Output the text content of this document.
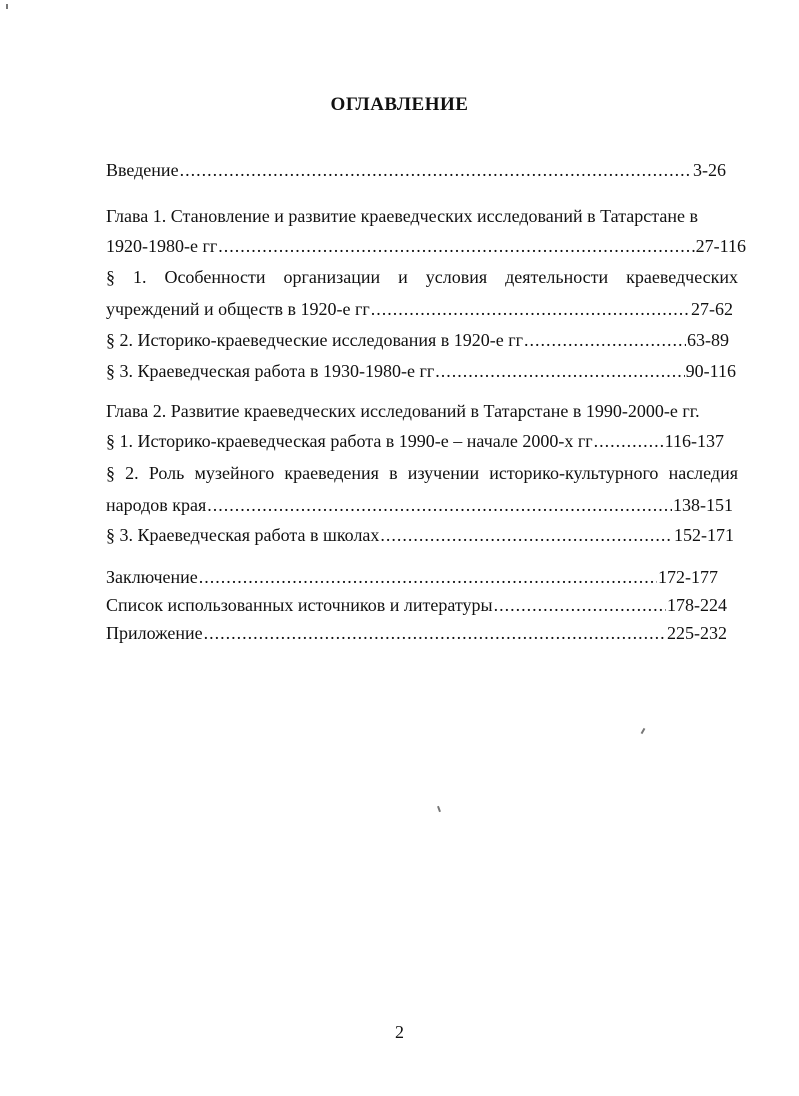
ОГЛАВЛЕНИЕ
Введение .....	3-26
Глава 1. Становление и развитие краеведческих исследований в Татарстане в
1920-1980-е гг .....	27-116
§ 1. Особенности организации и условия деятельности краеведческих
учреждений и обществ в 1920-е гг .....	27-62
§ 2. Историко-краеведческие исследования в 1920-е гг .....	63-89
§ 3. Краеведческая работа в 1930-1980-е гг .....	90-116
Глава 2. Развитие краеведческих исследований в Татарстане в 1990-2000-е гг.
§ 1. Историко-краеведческая работа в 1990-е – начале 2000-х гг .....	116-137
§ 2. Роль музейного краеведения в изучении историко-культурного наследия
народов края .....	138-151
§ 3. Краеведческая работа в школах .....	152-171
Заключение .....	172-177
Список использованных источников и литературы .....	178-224
Приложение .....	225-232
2
